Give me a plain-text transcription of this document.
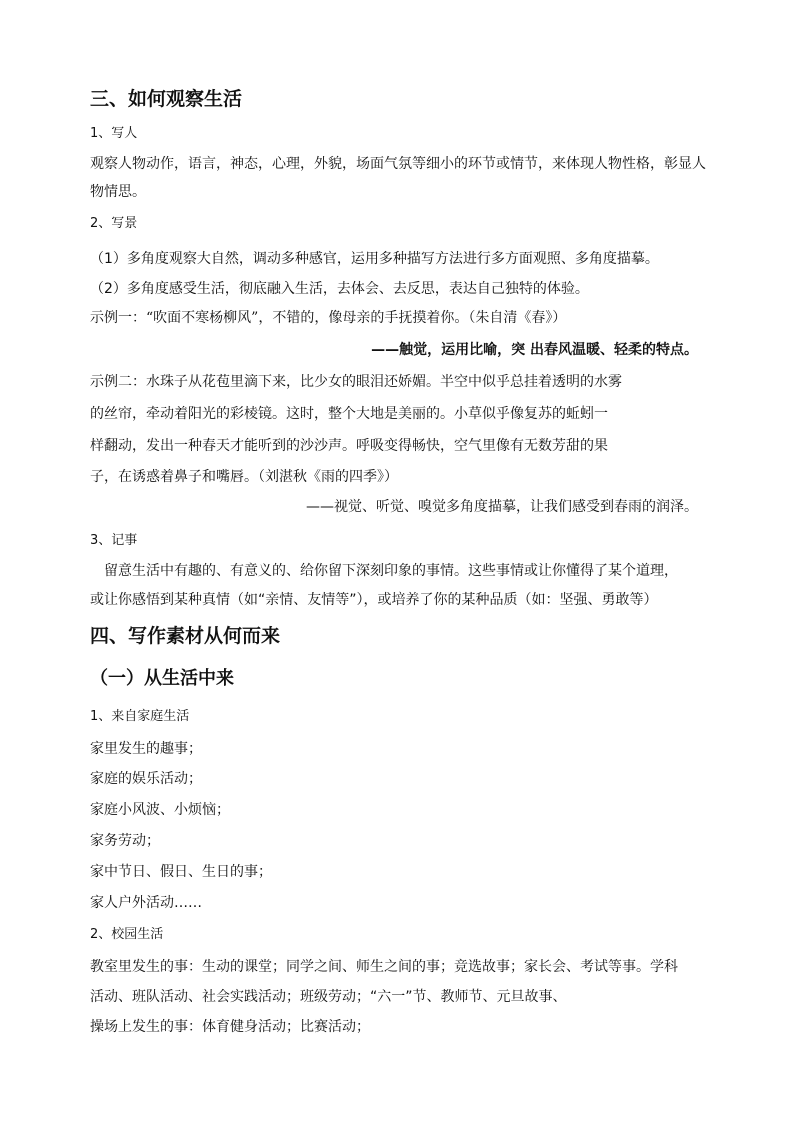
三、如何观察生活
1、写人
观察人物动作，语言，神态，心理，外貌，场面气氛等细小的环节或情节，来体现人物性格，彰显人
物情思。
2、写景
（1）多角度观察大自然，调动多种感官，运用多种描写方法进行多方面观照、多角度描摹。
（2）多角度感受生活，彻底融入生活，去体会、去反思，表达自己独特的体验。
示例一：“吹面不寒杨柳风”，不错的，像母亲的手抚摸着你。（朱自清《春》）
——触觉，运用比喻，突 出春风温暖、轻柔的特点。
示例二：水珠子从花苞里滴下来，比少女的眼泪还娇媚。半空中似乎总挂着透明的水雾
的丝帘，牵动着阳光的彩棱镜。这时，整个大地是美丽的。小草似乎像复苏的蚯蚓一
样翻动，发出一种春天才能听到的沙沙声。呼吸变得畅快，空气里像有无数芳甜的果
子，在诱惑着鼻子和嘴唇。（刘湛秋《雨的四季》）
——视觉、听觉、嗅觉多角度描摹，让我们感受到春雨的润泽。
3、记事
留意生活中有趣的、有意义的、给你留下深刻印象的事情。这些事情或让你懂得了某个道理，
或让你感悟到某种真情（如“亲情、友情等”），或培养了你的某种品质（如：坚强、勇敢等）
四、写作素材从何而来
（一）从生活中来
1、来自家庭生活
家里发生的趣事；
家庭的娱乐活动；
家庭小风波、小烦恼；
家务劳动；
家中节日、假日、生日的事；
家人户外活动……
2、校园生活
教室里发生的事：生动的课堂；同学之间、师生之间的事；竞选故事；家长会、考试等事。学科
活动、班队活动、社会实践活动；班级劳动；“六一”节、教师节、元旦故事、
操场上发生的事：体育健身活动；比赛活动；
